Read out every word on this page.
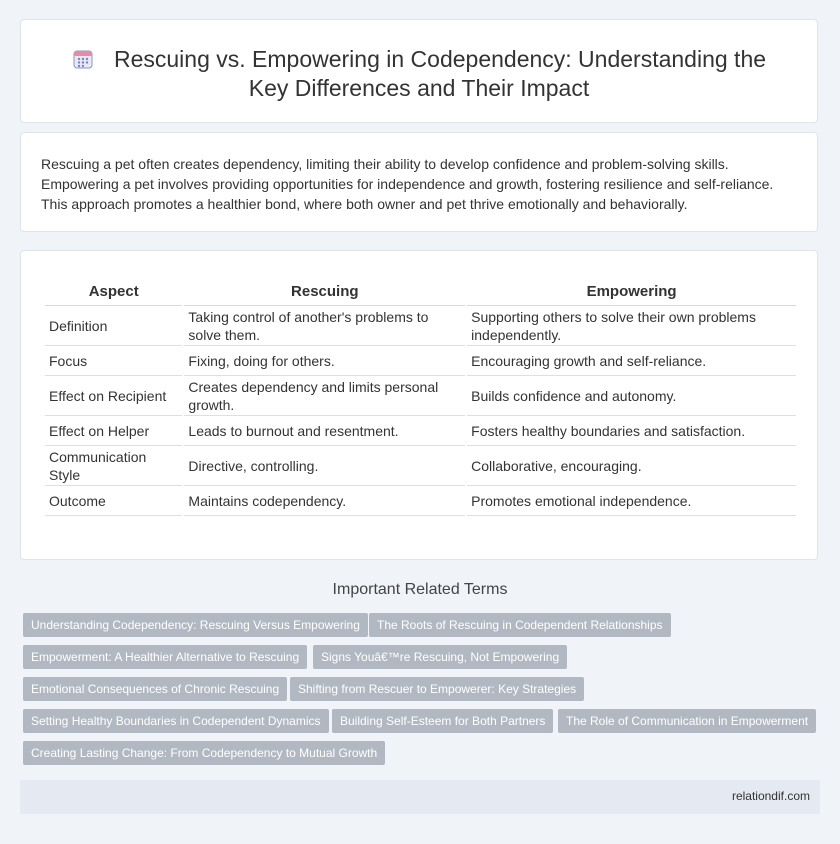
Rescuing vs. Empowering in Codependency: Understanding the Key Differences and Their Impact

Rescuing a pet often creates dependency, limiting their ability to develop confidence and problem-solving skills. Empowering a pet involves providing opportunities for independence and growth, fostering resilience and self-reliance. This approach promotes a healthier bond, where both owner and pet thrive emotionally and behaviorally.

Aspect	Rescuing	Empowering
Definition	Taking control of another's problems to solve them.	Supporting others to solve their own problems independently.
Focus	Fixing, doing for others.	Encouraging growth and self-reliance.
Effect on Recipient	Creates dependency and limits personal growth.	Builds confidence and autonomy.
Effect on Helper	Leads to burnout and resentment.	Fosters healthy boundaries and satisfaction.
Communication Style	Directive, controlling.	Collaborative, encouraging.
Outcome	Maintains codependency.	Promotes emotional independence.
Important Related Terms
Understanding Codependency: Rescuing Versus Empowering	The Roots of Rescuing in Codependent Relationships
Empowerment: A Healthier Alternative to Rescuing	Signs Youâ€™re Rescuing, Not Empowering
Emotional Consequences of Chronic Rescuing	Shifting from Rescuer to Empowerer: Key Strategies
Setting Healthy Boundaries in Codependent Dynamics	Building Self-Esteem for Both Partners	The Role of Communication in Empowerment
Creating Lasting Change: From Codependency to Mutual Growth
relationdif.com
